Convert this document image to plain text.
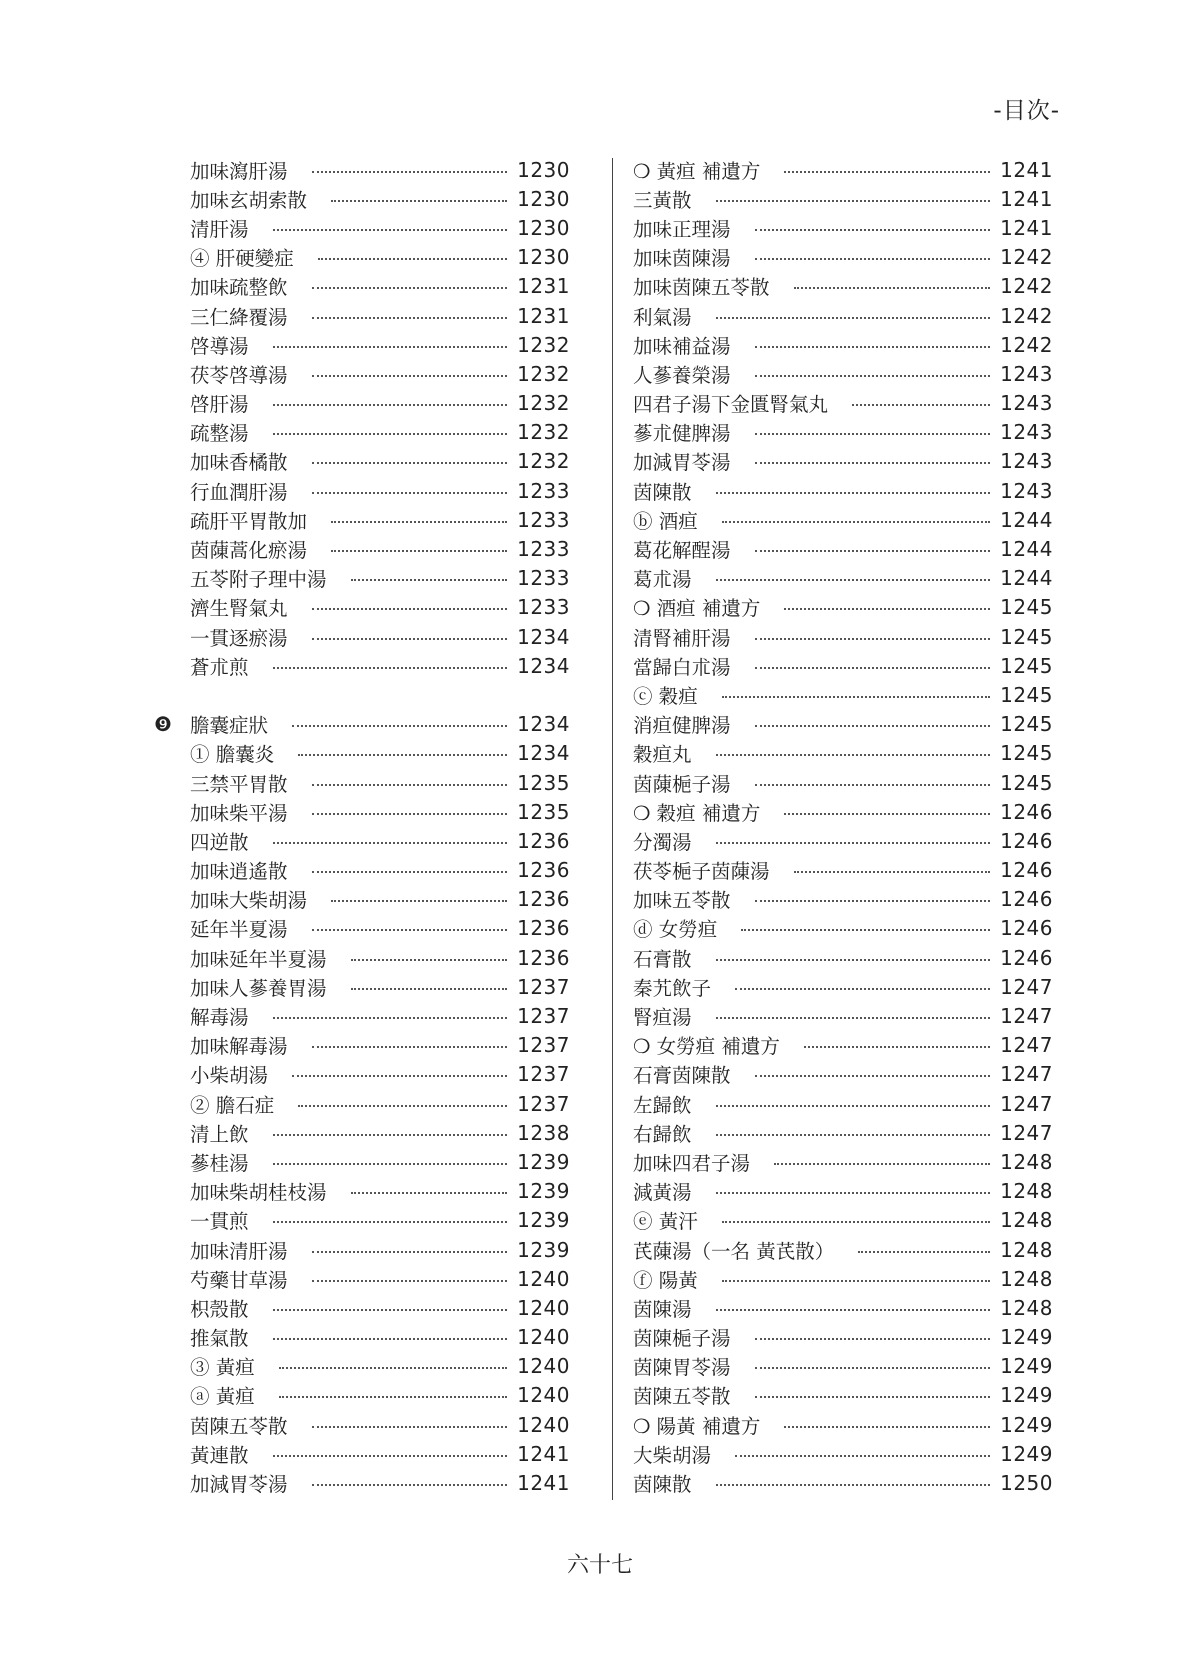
-目次-
加味瀉肝湯	1230
加味玄胡索散	1230
清肝湯	1230
④ 肝硬變症	1230
加味疏整飲	1231
三仁絳覆湯	1231
啓導湯	1232
茯苓啓導湯	1232
啓肝湯	1232
疏整湯	1232
加味香橘散	1232
行血潤肝湯	1233
疏肝平胃散加	1233
茵蔯蒿化瘀湯	1233
五苓附子理中湯	1233
濟生腎氣丸	1233
一貫逐瘀湯	1234
蒼朮煎	1234
❾ 膽囊症狀	1234
① 膽囊炎	1234
三禁平胃散	1235
加味柴平湯	1235
四逆散	1236
加味逍遙散	1236
加味大柴胡湯	1236
延年半夏湯	1236
加味延年半夏湯	1236
加味人蔘養胃湯	1237
解毒湯	1237
加味解毒湯	1237
小柴胡湯	1237
② 膽石症	1237
清上飲	1238
蔘桂湯	1239
加味柴胡桂枝湯	1239
一貫煎	1239
加味清肝湯	1239
芍藥甘草湯	1240
枳殼散	1240
推氣散	1240
③ 黃疸	1240
ⓐ 黃疸	1240
茵陳五苓散	1240
黃連散	1241
加減胃苓湯	1241
❍ 黃疸 補遺方	1241
三黃散	1241
加味正理湯	1241
加味茵陳湯	1242
加味茵陳五苓散	1242
利氣湯	1242
加味補益湯	1242
人蔘養榮湯	1243
四君子湯下金匱腎氣丸	1243
蔘朮健脾湯	1243
加減胃苓湯	1243
茵陳散	1243
ⓑ 酒疸	1244
葛花解酲湯	1244
葛朮湯	1244
❍ 酒疸 補遺方	1245
清腎補肝湯	1245
當歸白朮湯	1245
ⓒ 穀疸	1245
消疸健脾湯	1245
穀疸丸	1245
茵蔯梔子湯	1245
❍ 穀疸 補遺方	1246
分濁湯	1246
茯苓梔子茵蔯湯	1246
加味五苓散	1246
ⓓ 女勞疸	1246
石膏散	1246
秦艽飲子	1247
腎疸湯	1247
❍ 女勞疸 補遺方	1247
石膏茵陳散	1247
左歸飲	1247
右歸飲	1247
加味四君子湯	1248
減黃湯	1248
ⓔ 黃汗	1248
芪蔯湯（一名 黃芪散）	1248
ⓕ 陽黃	1248
茵陳湯	1248
茵陳梔子湯	1249
茵陳胃苓湯	1249
茵陳五苓散	1249
❍ 陽黃 補遺方	1249
大柴胡湯	1249
茵陳散	1250
六十七
